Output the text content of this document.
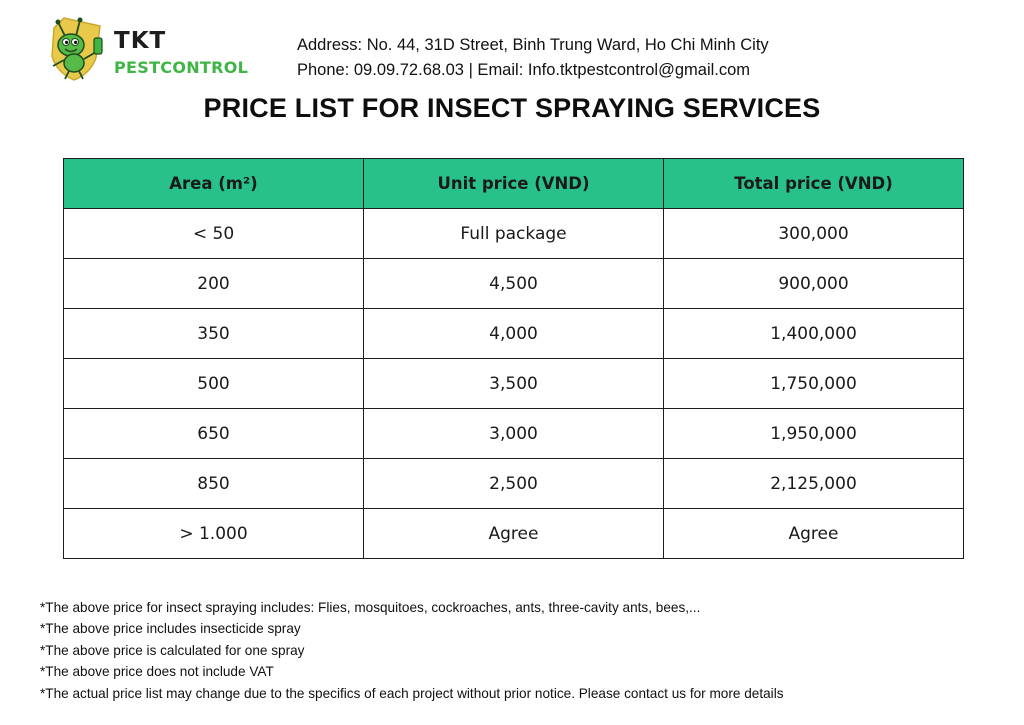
TKT
PESTCONTROL
Address: No. 44, 31D Street, Binh Trung Ward, Ho Chi Minh City
Phone: 09.09.72.68.03 | Email: Info.tktpestcontrol@gmail.com
PRICE LIST FOR INSECT SPRAYING SERVICES
Area (m²)	Unit price (VND)	Total price (VND)
< 50	Full package	300,000
200	4,500	900,000
350	4,000	1,400,000
500	3,500	1,750,000
650	3,000	1,950,000
850	2,500	2,125,000
> 1.000	Agree	Agree
*The above price for insect spraying includes: Flies, mosquitoes, cockroaches, ants, three-cavity ants, bees,...
*The above price includes insecticide spray
*The above price is calculated for one spray
*The above price does not include VAT
*The actual price list may change due to the specifics of each project without prior notice. Please contact us for more details
